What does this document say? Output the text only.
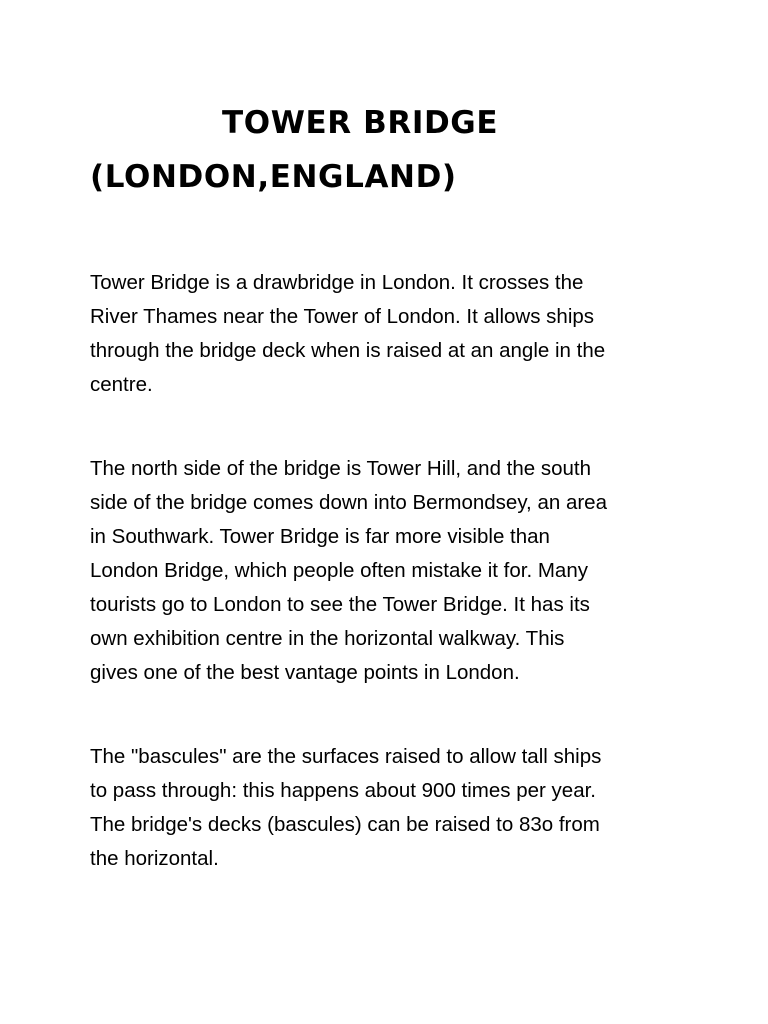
TOWER BRIDGE
(LONDON,ENGLAND)

Tower Bridge is a drawbridge in London. It crosses the
River Thames near the Tower of London. It allows ships
through the bridge deck when is raised at an angle in the
centre.

The north side of the bridge is Tower Hill, and the south
side of the bridge comes down into Bermondsey, an area
in Southwark. Tower Bridge is far more visible than
London Bridge, which people often mistake it for. Many
tourists go to London to see the Tower Bridge. It has its
own exhibition centre in the horizontal walkway. This
gives one of the best vantage points in London.

The "bascules" are the surfaces raised to allow tall ships
to pass through: this happens about 900 times per year.
The bridge's decks (bascules) can be raised to 83o from
the horizontal.
